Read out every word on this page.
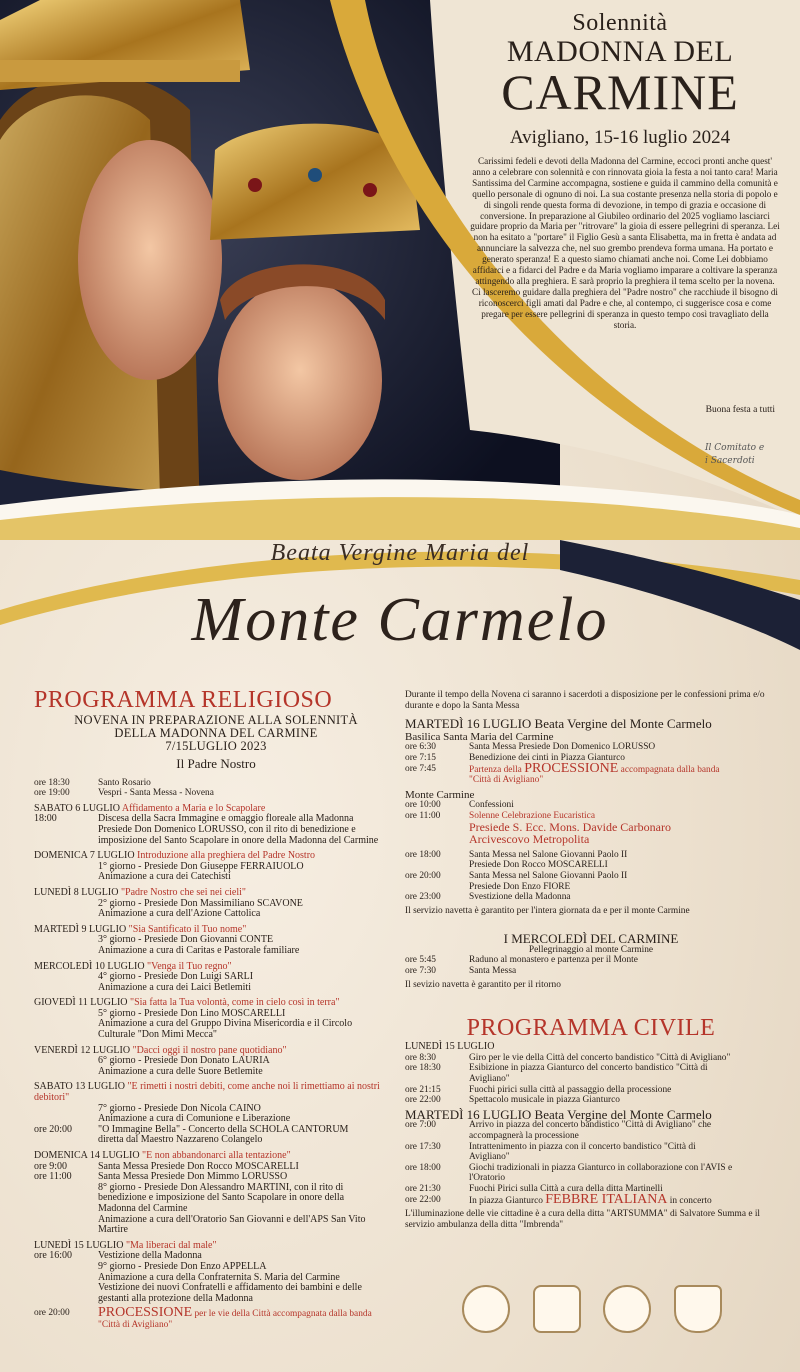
Solennità
MADONNA DEL
CARMINE
Avigliano, 15-16 luglio 2024
Carissimi fedeli e devoti della Madonna del Carmine, eccoci pronti anche quest' anno a celebrare con solennità e con rinnovata gioia la festa a noi tanto cara! Maria Santissima del Carmine accompagna, sostiene e guida il cammino della comunità e quello personale di ognuno di noi. La sua costante presenza nella storia di popolo e di singoli rende questa forma di devozione, in tempo di grazia e occasione di conversione. In preparazione al Giubileo ordinario del 2025 vogliamo lasciarci guidare proprio da Maria per "ritrovare" la gioia di essere pellegrini di speranza. Lei non ha esitato a "portare" il Figlio Gesù a santa Elisabetta, ma in fretta è andata ad annunciare la salvezza che, nel suo grembo prendeva forma umana. Ha portato e generato speranza! E a questo siamo chiamati anche noi. Come Lei dobbiamo affidarci e a fidarci del Padre e da Maria vogliamo imparare a coltivare la speranza attingendo alla preghiera. E sarà proprio la preghiera il tema scelto per la novena. Ci lasceremo guidare dalla preghiera del "Padre nostro" che racchiude il bisogno di riconoscerci figli amati dal Padre e che, al contempo, ci suggerisce cosa e come pregare per essere pellegrini di speranza in questo tempo così travagliato della storia.
Buona festa a tutti
Il Comitato e
i Sacerdoti
Beata Vergine Maria del
Monte Carmelo
PROGRAMMA RELIGIOSO
NOVENA IN PREPARAZIONE ALLA SOLENNITÀ
DELLA MADONNA DEL CARMINE
7/15LUGLIO 2023
Il Padre Nostro
ore 18:30	Santo Rosario
ore 19:00	Vespri - Santa Messa - Novena
SABATO 6 LUGLIO Affidamento a Maria e lo Scapolare
18:00	Discesa della Sacra Immagine e omaggio floreale alla Madonna
Presiede Don Domenico LORUSSO, con il rito di benedizione e
imposizione del Santo Scapolare in onore della Madonna del Carmine
DOMENICA 7 LUGLIO Introduzione alla preghiera del Padre Nostro
1° giorno - Presiede Don Giuseppe FERRAIUOLO
Animazione a cura dei Catechisti
LUNEDÌ 8 LUGLIO "Padre Nostro che sei nei cieli"
2° giorno - Presiede Don Massimiliano SCAVONE
Animazione a cura dell'Azione Cattolica
MARTEDÌ 9 LUGLIO "Sia Santificato il Tuo nome"
3° giorno - Presiede Don Giovanni CONTE
Animazione a cura di Caritas e Pastorale familiare
MERCOLEDÌ 10 LUGLIO "Venga il Tuo regno"
4° giorno - Presiede Don Luigi SARLI
Animazione a cura dei Laici Betlemiti
GIOVEDÌ 11 LUGLIO "Sia fatta la Tua volontà, come in cielo così in terra"
5° giorno - Presiede Don Lino MOSCARELLI
Animazione a cura del Gruppo Divina Misericordia e il Circolo
Culturale "Don Mimì Mecca"
VENERDÌ 12 LUGLIO "Dacci oggi il nostro pane quotidiano"
6° giorno - Presiede Don Donato LAURIA
Animazione a cura delle Suore Betlemite
SABATO 13 LUGLIO "E rimetti i nostri debiti, come anche noi li rimettiamo ai nostri debitori"
7° giorno - Presiede Don Nicola CAINO
Animazione a cura di Comunione e Liberazione
ore 20:00	"O Immagine Bella" - Concerto della SCHOLA CANTORUM
diretta dal Maestro Nazzareno Colangelo
DOMENICA 14 LUGLIO "E non abbandonarci alla tentazione"
ore 9:00	Santa Messa Presiede Don Rocco MOSCARELLI
ore 11:00	Santa Messa Presiede Don Mimmo LORUSSO
8° giorno - Presiede Don Alessandro MARTINI, con il rito di
benedizione e imposizione del Santo Scapolare in onore della
Madonna del Carmine
Animazione a cura dell'Oratorio San Giovanni e dell'APS San Vito
Martire
LUNEDÌ 15 LUGLIO "Ma liberaci dal male"
ore 16:00	Vestizione della Madonna
9° giorno - Presiede Don Enzo APPELLA
Animazione a cura della Confraternita S. Maria del Carmine
Vestizione dei nuovi Confratelli e affidamento dei bambini e delle
gestanti alla protezione della Madonna
ore 20:00	PROCESSIONE per le vie della Città accompagnata dalla banda
"Città di Avigliano"
Durante il tempo della Novena ci saranno i sacerdoti a disposizione per le confessioni prima e/o durante e dopo la Santa Messa
MARTEDÌ 16 LUGLIO Beata Vergine del Monte Carmelo
Basilica Santa Maria del Carmine
ore 6:30	Santa Messa Presiede Don Domenico LORUSSO
ore 7:15	Benedizione dei cinti in Piazza Gianturco
ore 7:45	Partenza della PROCESSIONE accompagnata dalla banda
"Città di Avigliano"
Monte Carmine
ore 10:00	Confessioni
ore 11:00	Solenne Celebrazione Eucaristica
Presiede S. Ecc. Mons. Davide Carbonaro
Arcivescovo Metropolita
ore 18:00	Santa Messa nel Salone Giovanni Paolo II
Presiede Don Rocco MOSCARELLI
ore 20:00	Santa Messa nel Salone Giovanni Paolo II
Presiede Don Enzo FIORE
ore 23:00	Svestizione della Madonna
Il servizio navetta è garantito per l'intera giornata da e per il monte Carmine
I MERCOLEDÌ DEL CARMINE
Pellegrinaggio al monte Carmine
ore 5:45	Raduno al monastero e partenza per il Monte
ore 7:30	Santa Messa
Il sevizio navetta è garantito per il ritorno
PROGRAMMA CIVILE
LUNEDÌ 15 LUGLIO
ore 8:30	Giro per le vie della Città del concerto bandistico "Città di Avigliano"
ore 18:30	Esibizione in piazza Gianturco del concerto bandistico "Città di
Avigliano"
ore 21:15	Fuochi pirici sulla città al passaggio della processione
ore 22:00	Spettacolo musicale in piazza Gianturco
MARTEDÌ 16 LUGLIO Beata Vergine del Monte Carmelo
ore 7:00	Arrivo in piazza del concerto bandistico "Città di Avigliano" che
accompagnerà la processione
ore 17:30	Intrattenimento in piazza con il concerto bandistico "Città di
Avigliano"
ore 18:00	Giochi tradizionali in piazza Gianturco in collaborazione con l'AVIS e
l'Oratorio
ore 21:30	Fuochi Pirici sulla Città a cura della ditta Martinelli
ore 22:00	In piazza Gianturco FEBBRE ITALIANA in concerto
L'illuminazione delle vie cittadine è a cura della ditta "ARTSUMMA" di Salvatore Summa e il servizio ambulanza della ditta "Imbrenda"
